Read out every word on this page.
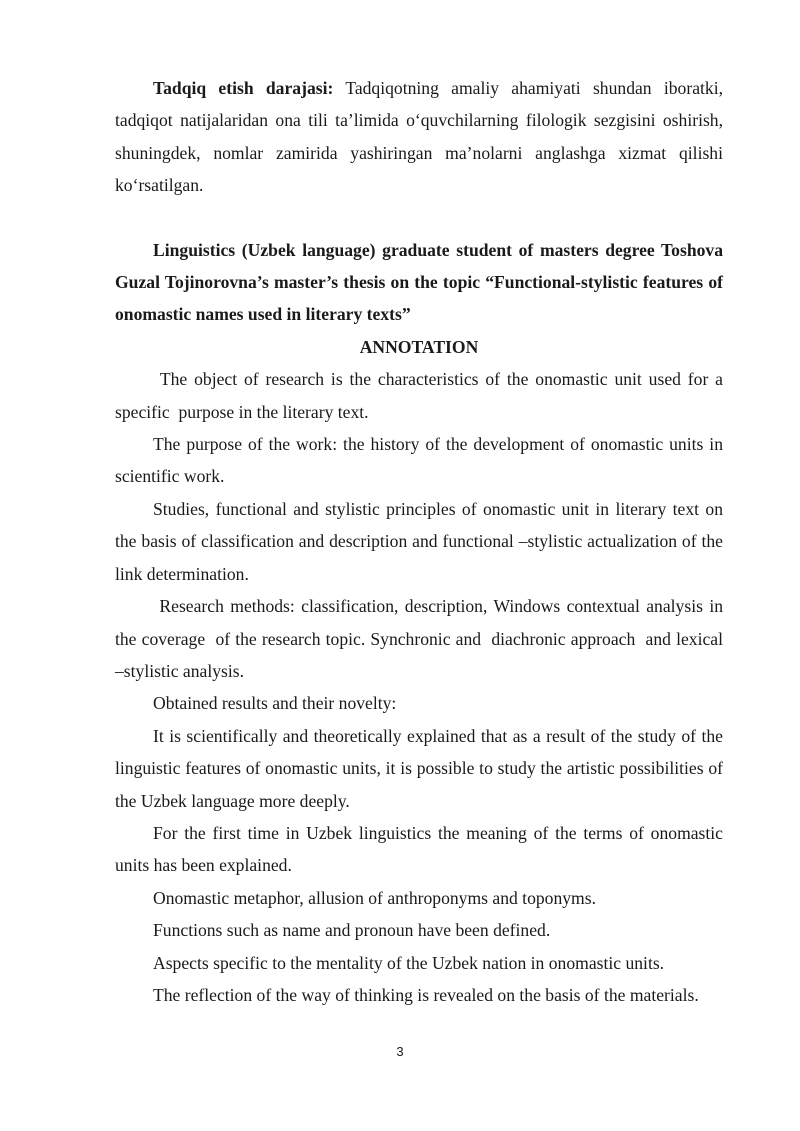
Tadqiq etish darajasi: Tadqiqotning amaliy ahamiyati shundan iboratki, tadqiqot natijalaridan ona tili ta’limida oʻquvchilarning filologik sezgisini oshirish, shuningdek, nomlar zamirida yashiringan ma’nolarni anglashga xizmat qilishi koʻrsatilgan.

Linguistics (Uzbek language) graduate student of masters degree Toshova Guzal Tojinorovna’s master’s thesis on the topic “Functional-stylistic features of onomastic names used in literary texts”

ANNOTATION

The object of research is the characteristics of the onomastic unit used for a specific  purpose in the literary text.

The purpose of the work: the history of the development of onomastic units in scientific work.

Studies, functional and stylistic principles of onomastic unit in literary text on the basis of classification and description and functional –stylistic actualization of the link determination.

Research methods: classification, description, Windows contextual analysis in the coverage  of the research topic. Synchronic and  diachronic approach  and lexical –stylistic analysis.

Obtained results and their novelty:

It is scientifically and theoretically explained that as a result of the study of the linguistic features of onomastic units, it is possible to study the artistic possibilities of the Uzbek language more deeply.

For the first time in Uzbek linguistics the meaning of the terms of onomastic units has been explained.

Onomastic metaphor, allusion of anthroponyms and toponyms.

Functions such as name and pronoun have been defined.

Aspects specific to the mentality of the Uzbek nation in onomastic units.

The reflection of the way of thinking is revealed on the basis of the materials.

3
